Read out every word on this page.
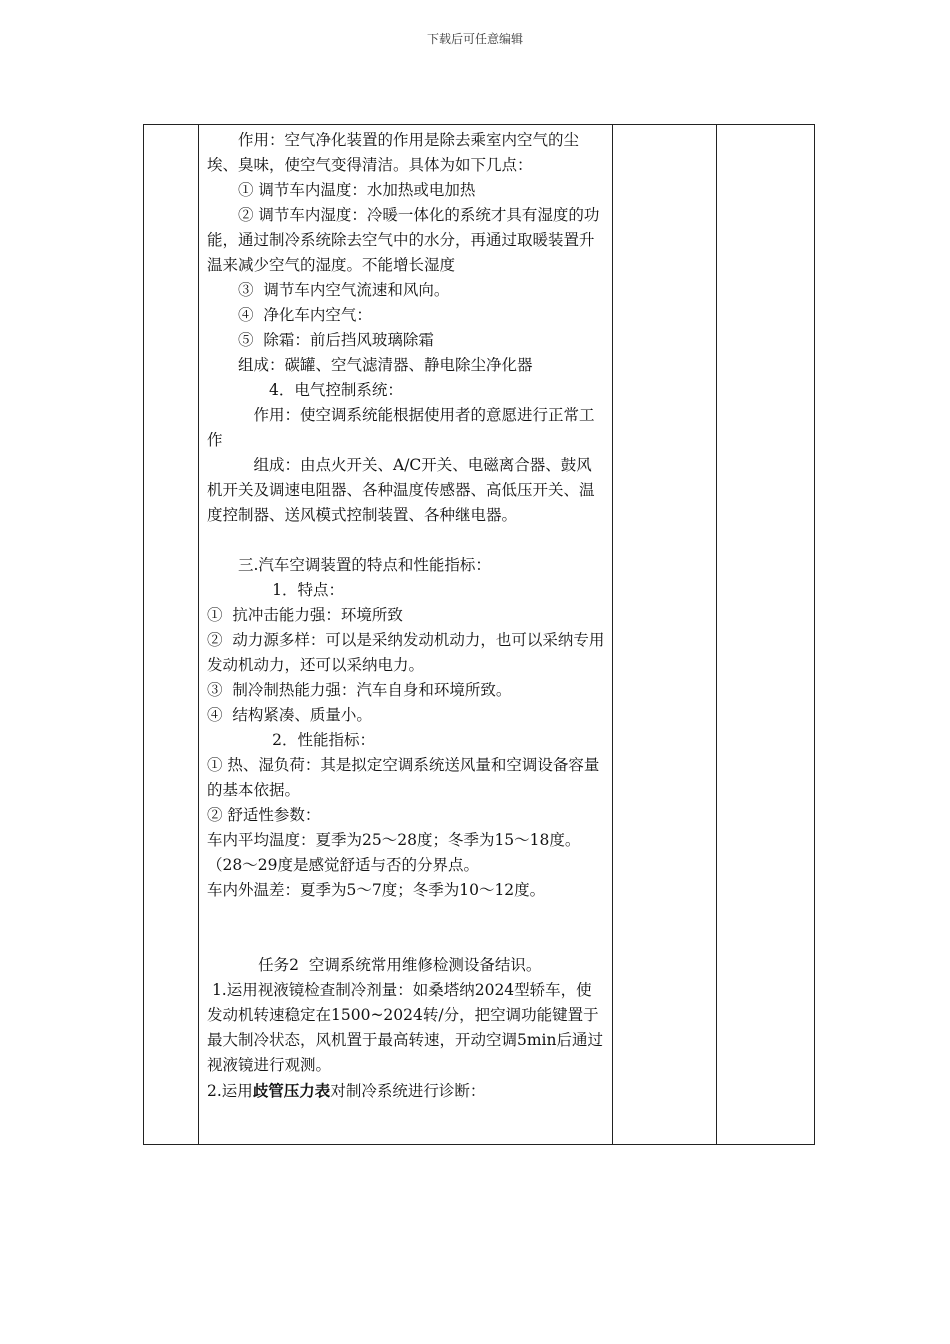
下载后可任意编辑

作用：空气净化装置的作用是除去乘室内空气的尘埃、臭味，使空气变得清洁。具体为如下几点：

① 调节车内温度：水加热或电加热

② 调节车内湿度：冷暖一体化的系统才具有湿度的功能，通过制冷系统除去空气中的水分，再通过取暖装置升温来减少空气的湿度。不能增长湿度

③  调节车内空气流速和风向。

④  净化车内空气：

⑤  除霜：前后挡风玻璃除霜

组成：碳罐、空气滤清器、静电除尘净化器

4．电气控制系统：

作用：使空调系统能根据使用者的意愿进行正常工作

组成：由点火开关、A/C开关、电磁离合器、鼓风机开关及调速电阻器、各种温度传感器、高低压开关、温度控制器、送风模式控制装置、各种继电器。

三.汽车空调装置的特点和性能指标：

1．特点：

①  抗冲击能力强：环境所致

②  动力源多样：可以是采纳发动机动力，也可以采纳专用发动机动力，还可以采纳电力。

③  制冷制热能力强：汽车自身和环境所致。

④  结构紧凑、质量小。

2．性能指标：

① 热、湿负荷：其是拟定空调系统送风量和空调设备容量的基本依据。

② 舒适性参数：

车内平均温度：夏季为25～28度；冬季为15～18度。（28～29度是感觉舒适与否的分界点。

车内外温差：夏季为5～7度；冬季为10～12度。

任务2  空调系统常用维修检测设备结识。

1.运用视液镜检查制冷剂量：如桑塔纳2024型轿车，使发动机转速稳定在1500~2024转/分，把空调功能键置于最大制冷状态，风机置于最高转速，开动空调5min后通过视液镜进行观测。

2.运用歧管压力表对制冷系统进行诊断：
